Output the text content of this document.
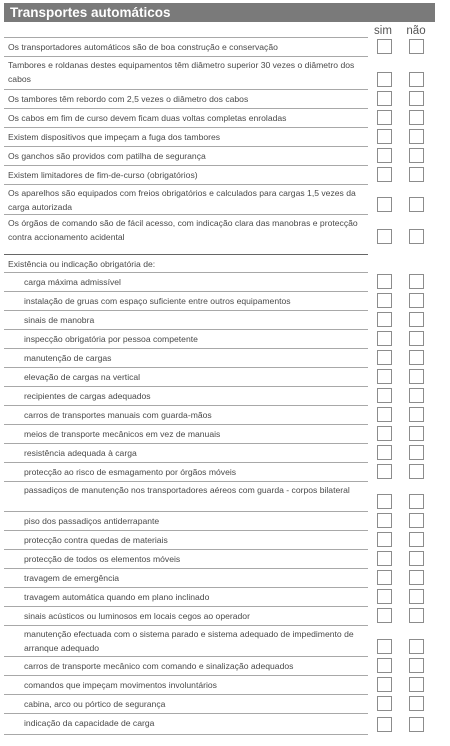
Transportes automáticos
sim	não
Os transportadores automáticos são de boa construção e conservação
Tambores e roldanas destes equipamentos têm diâmetro superior 30 vezes o diâmetro dos cabos
Os tambores têm rebordo com 2,5 vezes o diâmetro dos cabos
Os cabos em fim de curso devem ficam duas voltas completas enroladas
Existem dispositivos que impeçam a fuga dos tambores
Os ganchos são providos com patilha de segurança
Existem limitadores de fim-de-curso (obrigatórios)
Os aparelhos são equipados com freios obrigatórios e calculados para cargas 1,5 vezes da carga autorizada
Os órgãos de comando são de fácil acesso, com indicação clara das manobras e protecção contra accionamento acidental
Existência ou indicação obrigatória de:
carga máxima admissível
instalação de gruas com espaço suficiente entre outros equipamentos
sinais de manobra
inspecção obrigatória por pessoa competente
manutenção de cargas
elevação de cargas na vertical
recipientes de cargas adequados
carros de transportes manuais com guarda-mãos
meios de transporte mecânicos em vez de manuais
resistência adequada à carga
protecção ao risco de esmagamento por órgãos móveis
passadiços de manutenção nos transportadores aéreos com guarda - corpos bilateral
piso dos passadiços antiderrapante
protecção contra quedas de materiais
protecção de todos os elementos móveis
travagem de emergência
travagem automática quando em plano inclinado
sinais acústicos ou luminosos em locais cegos ao operador
manutenção efectuada com o sistema parado e sistema adequado de impedimento de arranque adequado
carros de transporte mecânico com comando e sinalização adequados
comandos que impeçam movimentos involuntários
cabina, arco ou pórtico de segurança
indicação da capacidade de carga
